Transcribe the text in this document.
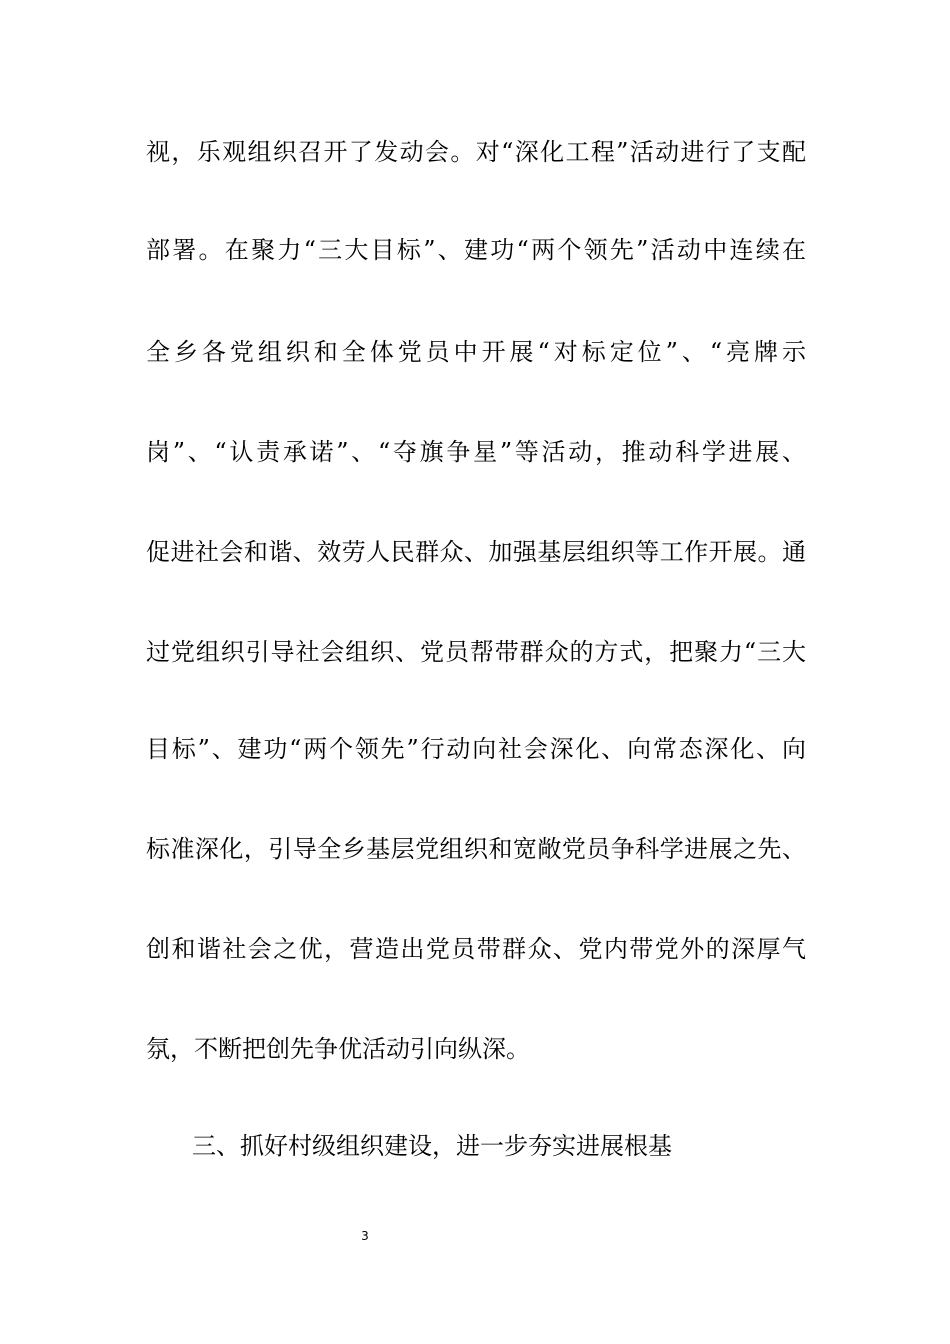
视，乐观组织召开了发动会。对“深化工程”活动进行了支配
部署。在聚力“三大目标”、建功“两个领先”活动中连续在
全乡各党组织和全体党员中开展“对标定位”、“亮牌示
岗”、“认责承诺”、“夺旗争星”等活动，推动科学进展、
促进社会和谐、效劳人民群众、加强基层组织等工作开展。通
过党组织引导社会组织、党员帮带群众的方式，把聚力“三大
目标”、建功“两个领先”行动向社会深化、向常态深化、向
标准深化，引导全乡基层党组织和宽敞党员争科学进展之先、
创和谐社会之优，营造出党员带群众、党内带党外的深厚气
氛，不断把创先争优活动引向纵深。
三、抓好村级组织建设，进一步夯实进展根基
3
